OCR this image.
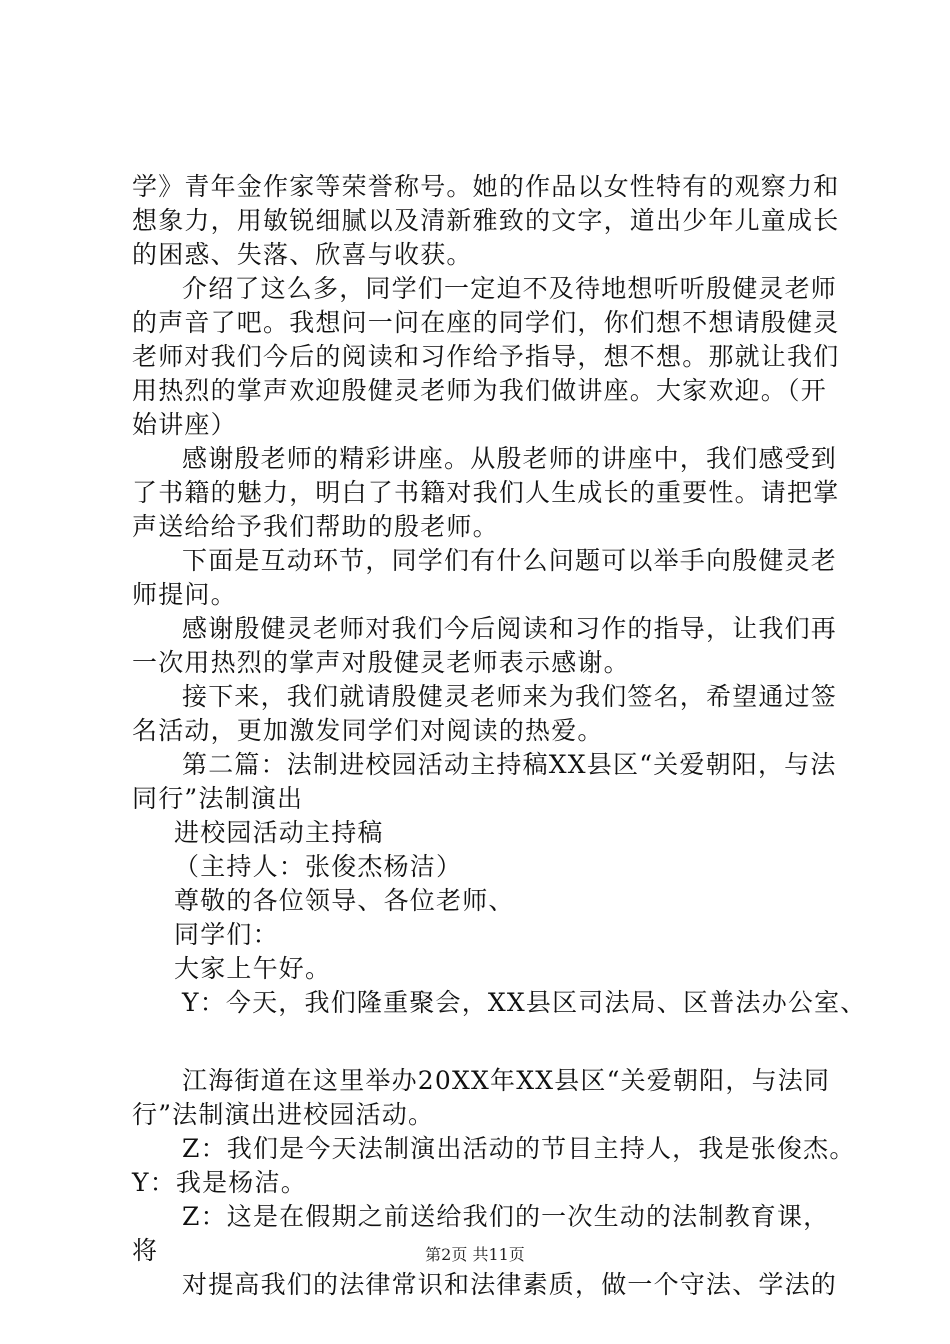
学》青年金作家等荣誉称号。她的作品以女性特有的观察力和
想象力，用敏锐细腻以及清新雅致的文字，道出少年儿童成长
的困惑、失落、欣喜与收获。
介绍了这么多，同学们一定迫不及待地想听听殷健灵老师
的声音了吧。我想问一问在座的同学们，你们想不想请殷健灵
老师对我们今后的阅读和习作给予指导，想不想。那就让我们
用热烈的掌声欢迎殷健灵老师为我们做讲座。大家欢迎。（开
始讲座）
感谢殷老师的精彩讲座。从殷老师的讲座中，我们感受到
了书籍的魅力，明白了书籍对我们人生成长的重要性。请把掌
声送给给予我们帮助的殷老师。
下面是互动环节，同学们有什么问题可以举手向殷健灵老
师提问。
感谢殷健灵老师对我们今后阅读和习作的指导，让我们再
一次用热烈的掌声对殷健灵老师表示感谢。
接下来，我们就请殷健灵老师来为我们签名，希望通过签
名活动，更加激发同学们对阅读的热爱。
第二篇：法制进校园活动主持稿XX县区“关爱朝阳，与法
同行”法制演出
进校园活动主持稿
（主持人：张俊杰杨洁）
尊敬的各位领导、各位老师、
同学们：
大家上午好。
Y：今天，我们隆重聚会，XX县区司法局、区普法办公室、
江海街道在这里举办20XX年XX县区“关爱朝阳，与法同
行”法制演出进校园活动。
Z：我们是今天法制演出活动的节目主持人，我是张俊杰。
Y：我是杨洁。
Z：这是在假期之前送给我们的一次生动的法制教育课，
将
对提高我们的法律常识和法律素质，做一个守法、学法的
第2页 共11页
